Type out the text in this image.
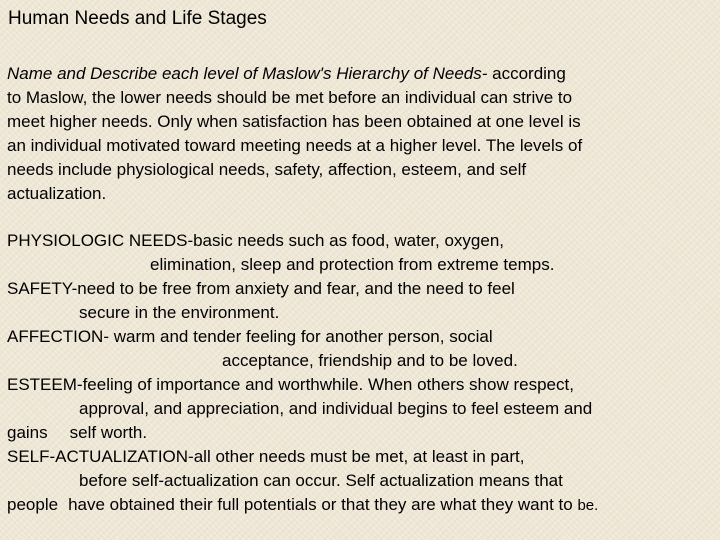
Human Needs and Life Stages
Name and Describe each level of Maslow's Hierarchy of Needs- according
to Maslow, the lower needs should be met before an individual can strive to
meet higher needs. Only when satisfaction has been obtained at one level is
an individual motivated toward meeting needs at a higher level. The levels of
needs include physiological needs, safety, affection, esteem, and self
actualization.
PHYSIOLOGIC NEEDS-basic needs such as food, water, oxygen,
elimination, sleep and protection from extreme temps.
SAFETY-need to be free from anxiety and fear, and the need to feel
secure in the environment.
AFFECTION- warm and tender feeling for another person, social
acceptance, friendship and to be loved.
ESTEEM-feeling of importance and worthwhile. When others show respect,
approval, and appreciation, and individual begins to feel esteem and
gains self worth.
SELF-ACTUALIZATION-all other needs must be met, at least in part,
before self-actualization can occur. Self actualization means that
people have obtained their full potentials or that they are what they want to be.
